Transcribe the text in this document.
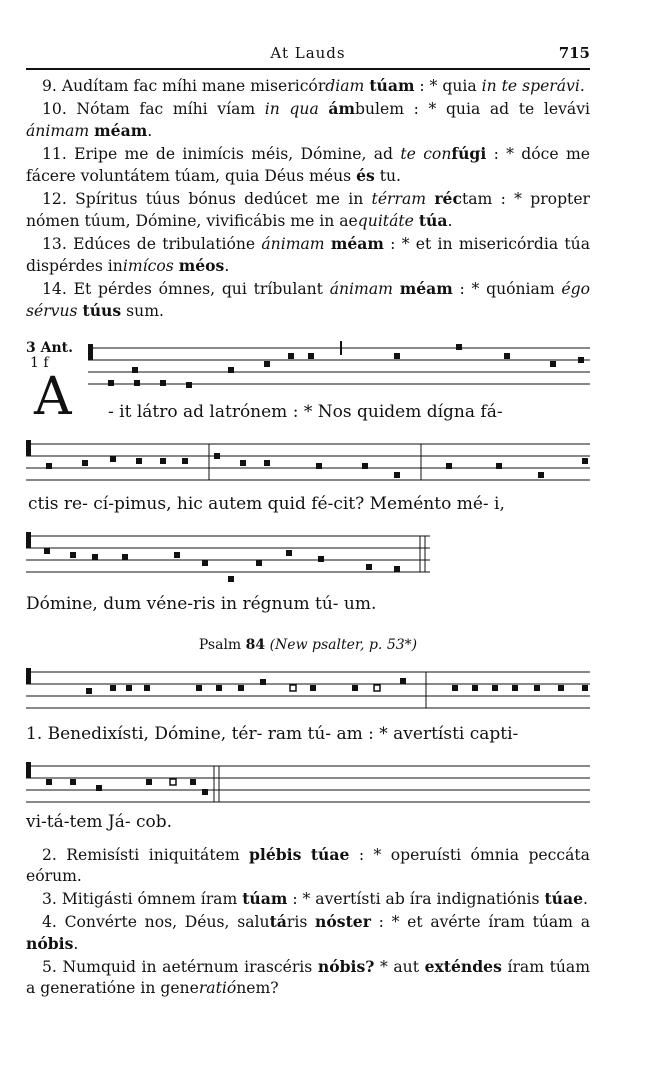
At Lauds	715

9. Audítam fac míhi mane misericórdiam túam : * quia in te sperávi.

10. Nótam fac míhi víam in qua ámbulem : * quia ad te levávi ánimam méam.

11. Eripe me de inimícis méis, Dómine, ad te confúgi : * dóce me fácere voluntátem túam, quia Déus méus és tu.

12. Spíritus túus bónus dedúcet me in térram réctam : * propter nómen túum, Dómine, vivificábis me in aequitáte túa.

13. Edúces de tribulatióne ánimam méam : * et in misericórdia túa dispérdes inimícos méos.

14. Et pérdes ómnes, qui tríbulant ánimam méam : * quóniam égo sérvus túus sum.

3 Ant.
1 f
A - it látro ad latrónem : * Nos quidem dígna fá-
ctis re- cí-pimus, hic autem quid fé-cit? Meménto mé- i,
Dómine, dum véne-ris in régnum tú- um.
Psalm 84 (New psalter, p. 53*)
1. Benedixísti, Dómine, tér- ram tú- am : * avertísti capti-
vi-tá-tem Já- cob.

2. Remisísti iniquitátem plébis túae : * operuísti ómnia peccáta eórum.

3. Mitigásti ómnem íram túam : * avertísti ab íra indignatiónis túae.

4. Convérte nos, Déus, salutáris nóster : * et avérte íram túam a nóbis.

5. Numquid in aetérnum irascéris nóbis? * aut exténdes íram túam a generatióne in generatiónem?
